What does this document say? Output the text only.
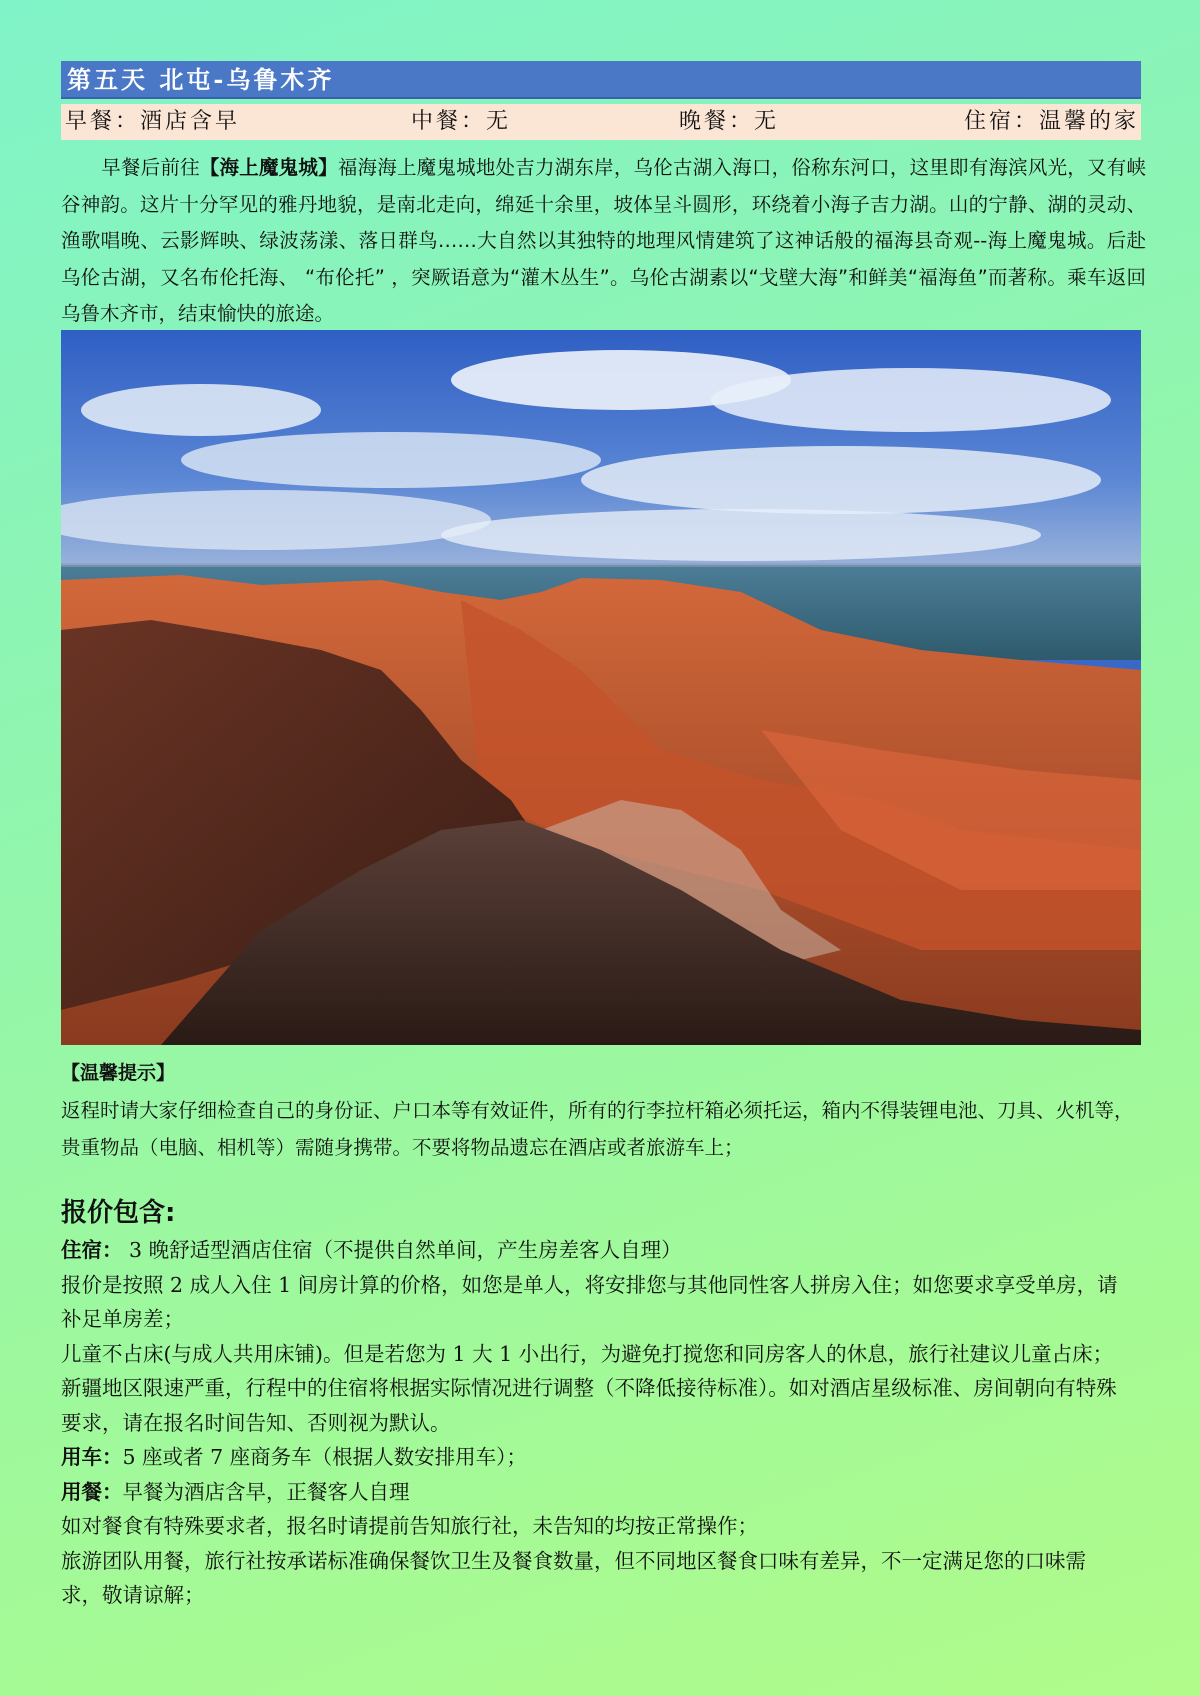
第五天 北屯-乌鲁木齐
早餐：酒店含早	中餐：无	晚餐：无	住宿：温馨的家
早餐后前往【海上魔鬼城】福海海上魔鬼城地处吉力湖东岸，乌伦古湖入海口，俗称东河口，这里即有海滨风光，又有峡谷神韵。这片十分罕见的雅丹地貌，是南北走向，绵延十余里，坡体呈斗圆形，环绕着小海子吉力湖。山的宁静、湖的灵动、渔歌唱晚、云影辉映、绿波荡漾、落日群鸟……大自然以其独特的地理风情建筑了这神话般的福海县奇观--海上魔鬼城。后赴乌伦古湖，又名布伦托海、 “布伦托” ，突厥语意为“灌木丛生”。乌伦古湖素以“戈壁大海”和鲜美“福海鱼”而著称。乘车返回乌鲁木齐市，结束愉快的旅途。
【温馨提示】
返程时请大家仔细检查自己的身份证、户口本等有效证件，所有的行李拉杆箱必须托运，箱内不得装锂电池、刀具、火机等，贵重物品（电脑、相机等）需随身携带。不要将物品遗忘在酒店或者旅游车上；
报价包含:

住宿： 3 晚舒适型酒店住宿（不提供自然单间，产生房差客人自理）

报价是按照 2 成人入住 1 间房计算的价格，如您是单人，将安排您与其他同性客人拼房入住；如您要求享受单房，请补足单房差；

儿童不占床(与成人共用床铺)。但是若您为 1 大 1 小出行，为避免打搅您和同房客人的休息，旅行社建议儿童占床；

新疆地区限速严重，行程中的住宿将根据实际情况进行调整（不降低接待标准）。如对酒店星级标准、房间朝向有特殊要求，请在报名时间告知、否则视为默认。

用车：5 座或者 7 座商务车（根据人数安排用车）；

用餐：早餐为酒店含早，正餐客人自理

如对餐食有特殊要求者，报名时请提前告知旅行社，未告知的均按正常操作；

旅游团队用餐，旅行社按承诺标准确保餐饮卫生及餐食数量，但不同地区餐食口味有差异，不一定满足您的口味需求，敬请谅解；
